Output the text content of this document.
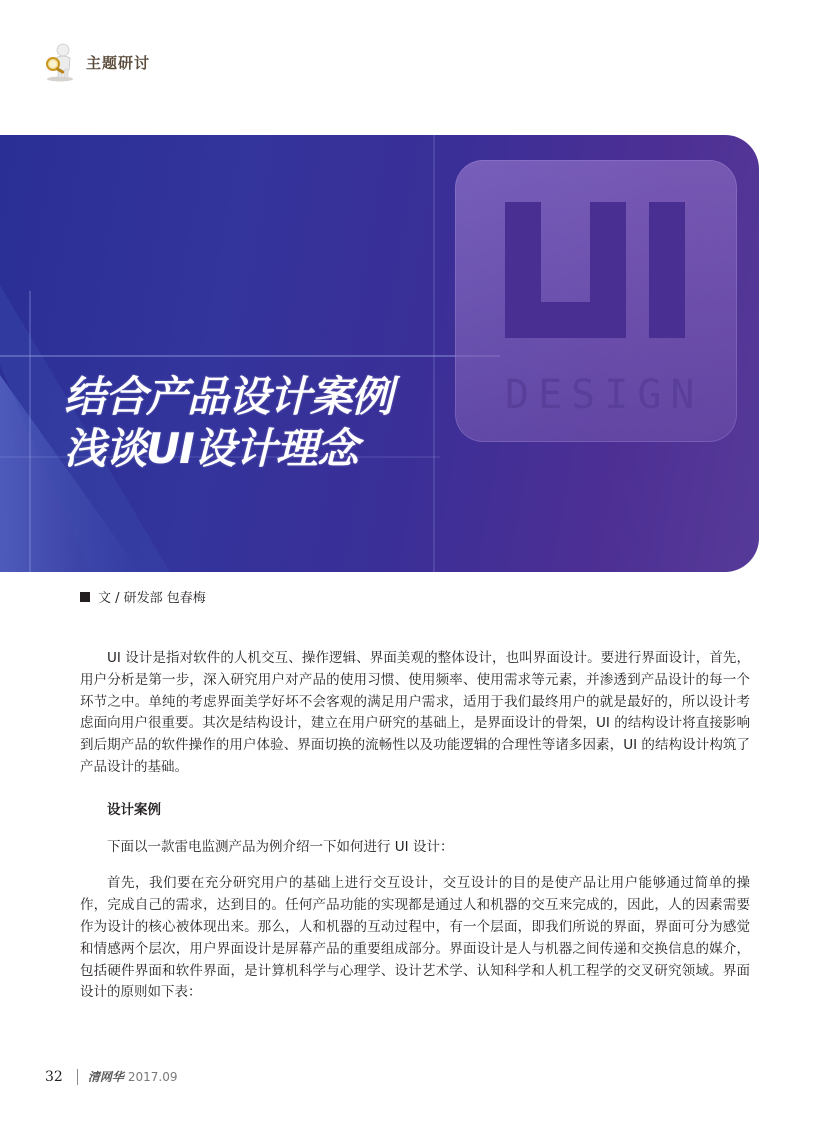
主题研讨
DESIGN
结合产品设计案例
浅谈UI设计理念
文 / 研发部 包春梅

UI 设计是指对软件的人机交互、操作逻辑、界面美观的整体设计，也叫界面设计。要进行界面设计，首先，用户分析是第一步，深入研究用户对产品的使用习惯、使用频率、使用需求等元素，并渗透到产品设计的每一个环节之中。单纯的考虑界面美学好坏不会客观的满足用户需求，适用于我们最终用户的就是最好的，所以设计考虑面向用户很重要。其次是结构设计，建立在用户研究的基础上，是界面设计的骨架，UI 的结构设计将直接影响到后期产品的软件操作的用户体验、界面切换的流畅性以及功能逻辑的合理性等诸多因素，UI 的结构设计构筑了产品设计的基础。

设计案例

下面以一款雷电监测产品为例介绍一下如何进行 UI 设计：

首先，我们要在充分研究用户的基础上进行交互设计，交互设计的目的是使产品让用户能够通过简单的操作，完成自己的需求，达到目的。任何产品功能的实现都是通过人和机器的交互来完成的，因此，人的因素需要作为设计的核心被体现出来。那么，人和机器的互动过程中，有一个层面，即我们所说的界面，界面可分为感觉和情感两个层次，用户界面设计是屏幕产品的重要组成部分。界面设计是人与机器之间传递和交换信息的媒介，包括硬件界面和软件界面，是计算机科学与心理学、设计艺术学、认知科学和人机工程学的交叉研究领域。界面设计的原则如下表：

32 清网华 2017.09
